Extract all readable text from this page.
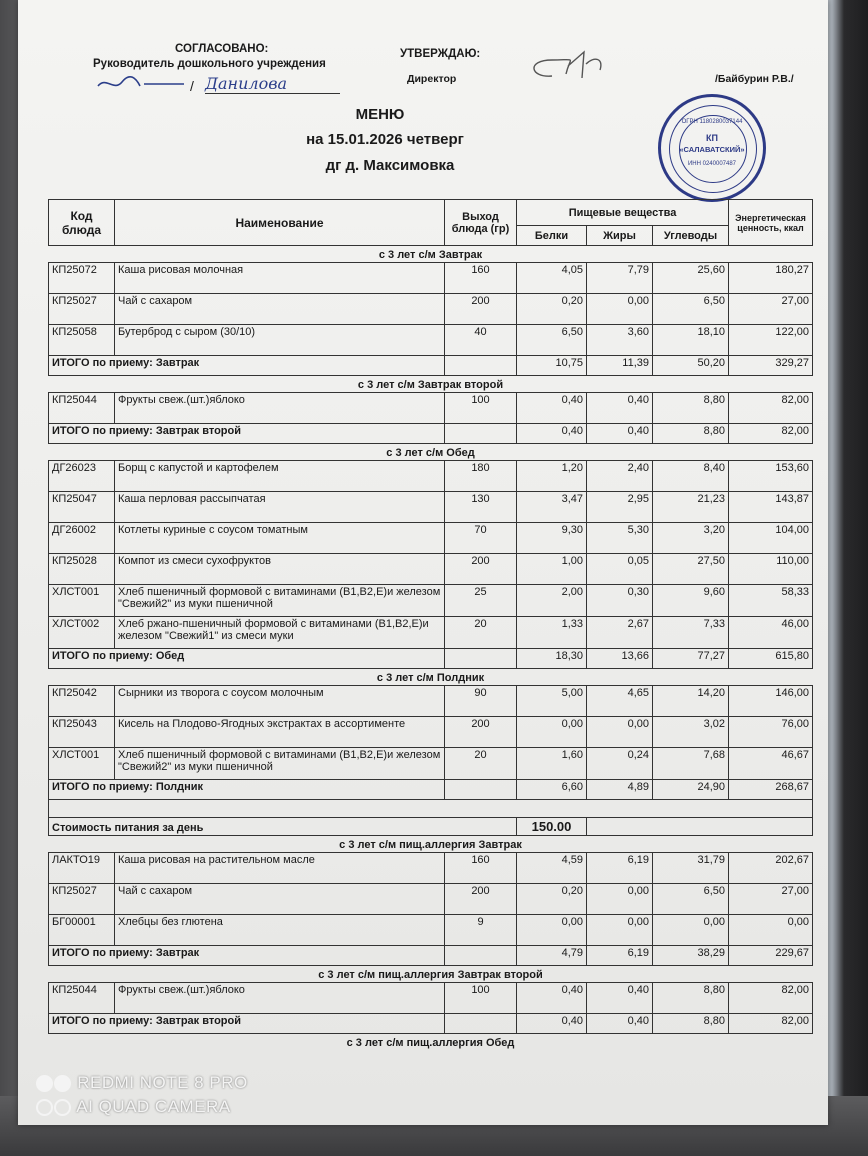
СОГЛАСОВАНО:
Руководитель дошкольного учреждения
/ Данилова
УТВЕРЖДАЮ:
Директор	/Байбурин Р.В./
КП
«САЛАВАТСКИЙ»
ОГРН 1180280037144
ИНН 0240007487
МЕНЮ
на 15.01.2026 четверг
дг д. Максимовка
Код блюда	Наименование	Выход блюда (гр)	Пищевые вещества			Энергетическая ценность, ккал
			Белки	Жиры	Углеводы	
с 3 лет с/м Завтрак						
КП25072	Каша рисовая молочная	160	4,05	7,79	25,60	180,27
КП25027	Чай с сахаром	200	0,20	0,00	6,50	27,00
КП25058	Бутерброд с сыром (30/10)	40	6,50	3,60	18,10	122,00
ИТОГО по приему: Завтрак			10,75	11,39	50,20	329,27
с 3 лет с/м Завтрак второй						
КП25044	Фрукты свеж.(шт.)яблоко	100	0,40	0,40	8,80	82,00
ИТОГО по приему: Завтрак второй			0,40	0,40	8,80	82,00
с 3 лет с/м Обед						
ДГ26023	Борщ с капустой и картофелем	180	1,20	2,40	8,40	153,60
КП25047	Каша перловая рассыпчатая	130	3,47	2,95	21,23	143,87
ДГ26002	Котлеты куриные с соусом томатным	70	9,30	5,30	3,20	104,00
КП25028	Компот из смеси сухофруктов	200	1,00	0,05	27,50	110,00
ХЛСТ001	Хлеб пшеничный формовой с витаминами (В1,В2,Е)и железом "Свежий2" из муки пшеничной	25	2,00	0,30	9,60	58,33
ХЛСТ002	Хлеб ржано-пшеничный формовой с витаминами (В1,В2,Е)и железом "Свежий1" из смеси муки	20	1,33	2,67	7,33	46,00
ИТОГО по приему: Обед			18,30	13,66	77,27	615,80
с 3 лет с/м Полдник						
КП25042	Сырники из творога с соусом молочным	90	5,00	4,65	14,20	146,00
КП25043	Кисель на Плодово-Ягодных экстрактах в ассортименте	200	0,00	0,00	3,02	76,00
ХЛСТ001	Хлеб пшеничный формовой с витаминами (В1,В2,Е)и железом "Свежий2" из муки пшеничной	20	1,60	0,24	7,68	46,67
ИТОГО по приему: Полдник			6,60	4,89	24,90	268,67

Стоимость питания за день			150.00			
с 3 лет с/м пищ.аллергия Завтрак						
ЛАКТО19	Каша рисовая на растительном масле	160	4,59	6,19	31,79	202,67
КП25027	Чай с сахаром	200	0,20	0,00	6,50	27,00
БГ00001	Хлебцы без глютена	9	0,00	0,00	0,00	0,00
ИТОГО по приему: Завтрак			4,79	6,19	38,29	229,67
с 3 лет с/м пищ.аллергия Завтрак второй						
КП25044	Фрукты свеж.(шт.)яблоко	100	0,40	0,40	8,80	82,00
ИТОГО по приему: Завтрак второй			0,40	0,40	8,80	82,00
с 3 лет с/м пищ.аллергия Обед						
REDMI NOTE 8 PRO
AI QUAD CAMERA
